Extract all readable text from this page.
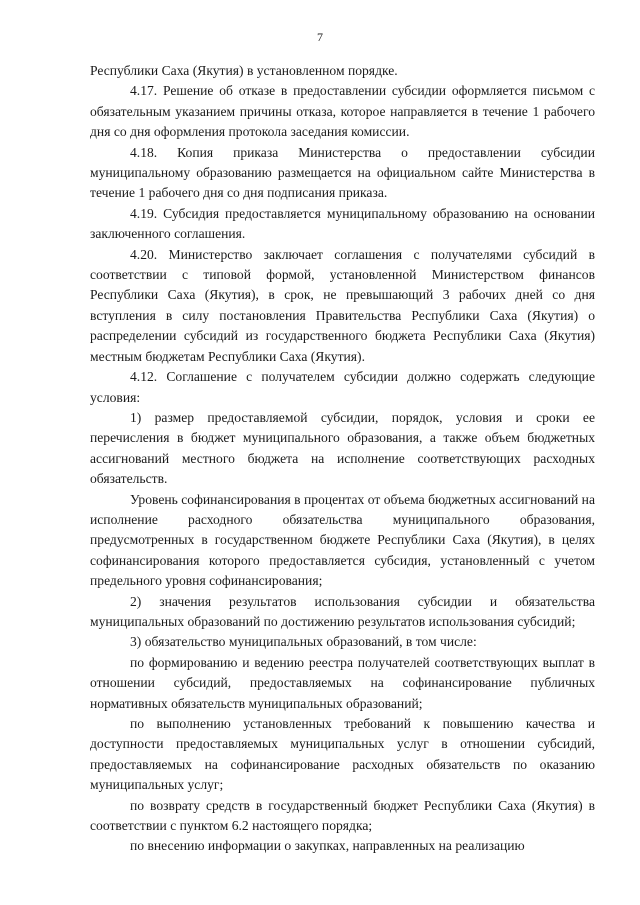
7

Республики Саха (Якутия) в установленном порядке.

4.17. Решение об отказе в предоставлении субсидии оформляется письмом с обязательным указанием причины отказа, которое направляется в течение 1 рабочего дня со дня оформления протокола заседания комиссии.

4.18. Копия приказа Министерства о предоставлении субсидии муниципальному образованию размещается на официальном сайте Министерства в течение 1 рабочего дня со дня подписания приказа.

4.19. Субсидия предоставляется муниципальному образованию на основании заключенного соглашения.

4.20. Министерство заключает соглашения с получателями субсидий в соответствии с типовой формой, установленной Министерством финансов Республики Саха (Якутия), в срок, не превышающий 3 рабочих дней со дня вступления в силу постановления Правительства Республики Саха (Якутия) о распределении субсидий из государственного бюджета Республики Саха (Якутия) местным бюджетам Республики Саха (Якутия).

4.12. Соглашение с получателем субсидии должно содержать следующие условия:

1) размер предоставляемой субсидии, порядок, условия и сроки ее перечисления в бюджет муниципального образования, а также объем бюджетных ассигнований местного бюджета на исполнение соответствующих расходных обязательств.

Уровень софинансирования в процентах от объема бюджетных ассигнований на исполнение расходного обязательства муниципального образования, предусмотренных в государственном бюджете Республики Саха (Якутия), в целях софинансирования которого предоставляется субсидия, установленный с учетом предельного уровня софинансирования;

2) значения результатов использования субсидии и обязательства муниципальных образований по достижению результатов использования субсидий;

3) обязательство муниципальных образований, в том числе:

по формированию и ведению реестра получателей соответствующих выплат в отношении субсидий, предоставляемых на софинансирование публичных нормативных обязательств муниципальных образований;

по выполнению установленных требований к повышению качества и доступности предоставляемых муниципальных услуг в отношении субсидий, предоставляемых на софинансирование расходных обязательств по оказанию муниципальных услуг;

по возврату средств в государственный бюджет Республики Саха (Якутия) в соответствии с пунктом 6.2 настоящего порядка;

по внесению информации о закупках, направленных на реализацию
